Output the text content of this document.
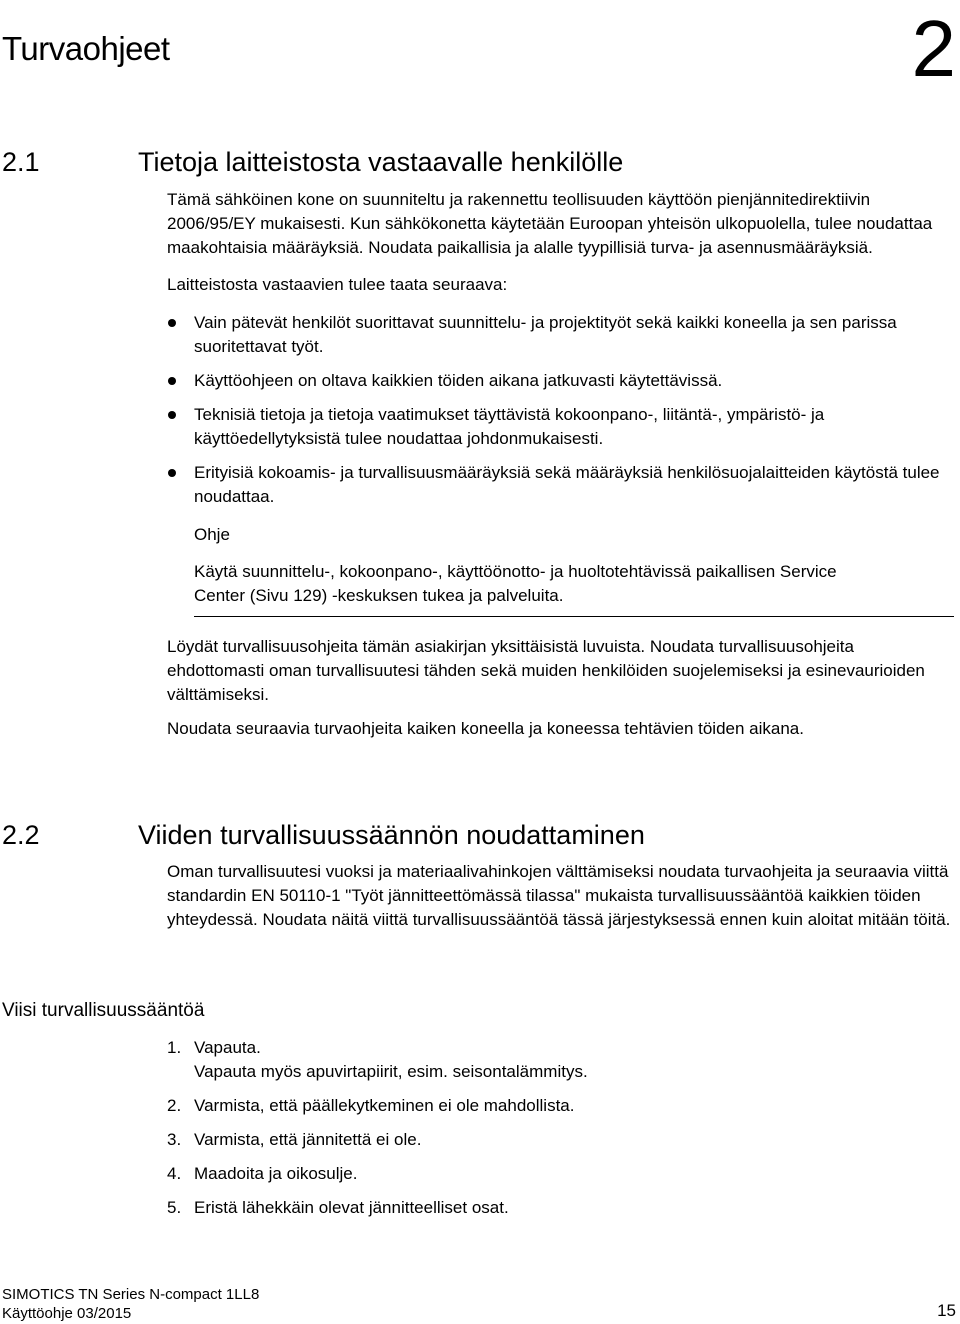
Turvaohjeet	2
2.1	Tietoja laitteistosta vastaavalle henkilölle

Tämä sähköinen kone on suunniteltu ja rakennettu teollisuuden käyttöön pienjännitedirektiivin 2006/95/EY mukaisesti. Kun sähkökonetta käytetään Euroopan yhteisön ulkopuolella, tulee noudattaa maakohtaisia määräyksiä. Noudata paikallisia ja alalle tyypillisiä turva- ja asennusmääräyksiä.

Laitteistosta vastaavien tulee taata seuraava:

Vain pätevät henkilöt suorittavat suunnittelu- ja projektityöt sekä kaikki koneella ja sen parissa suoritettavat työt.
Käyttöohjeen on oltava kaikkien töiden aikana jatkuvasti käytettävissä.
Teknisiä tietoja ja tietoja vaatimukset täyttävistä kokoonpano-, liitäntä-, ympäristö- ja käyttöedellytyksistä tulee noudattaa johdonmukaisesti.
Erityisiä kokoamis- ja turvallisuusmääräyksiä sekä määräyksiä henkilösuojalaitteiden käytöstä tulee noudattaa.
Ohje
Käytä suunnittelu-, kokoonpano-, käyttöönotto- ja huoltotehtävissä paikallisen Service Center (Sivu 129) -keskuksen tukea ja palveluita.

Löydät turvallisuusohjeita tämän asiakirjan yksittäisistä luvuista. Noudata turvallisuusohjeita ehdottomasti oman turvallisuutesi tähden sekä muiden henkilöiden suojelemiseksi ja esinevaurioiden välttämiseksi.

Noudata seuraavia turvaohjeita kaiken koneella ja koneessa tehtävien töiden aikana.

2.2	Viiden turvallisuussäännön noudattaminen
Oman turvallisuutesi vuoksi ja materiaalivahinkojen välttämiseksi noudata turvaohjeita ja seuraavia viittä standardin EN 50110-1 "Työt jännitteettömässä tilassa" mukaista turvallisuussääntöä kaikkien töiden yhteydessä. Noudata näitä viittä turvallisuussääntöä tässä järjestyksessä ennen kuin aloitat mitään töitä.
Viisi turvallisuussääntöä
1. Vapauta.
Vapauta myös apuvirtapiirit, esim. seisontalämmitys.
2. Varmista, että päällekytkeminen ei ole mahdollista.
3. Varmista, että jännitettä ei ole.
4. Maadoita ja oikosulje.
5. Eristä lähekkäin olevat jännitteelliset osat.
SIMOTICS TN Series N-compact 1LL8
Käyttöohje 03/2015	15
